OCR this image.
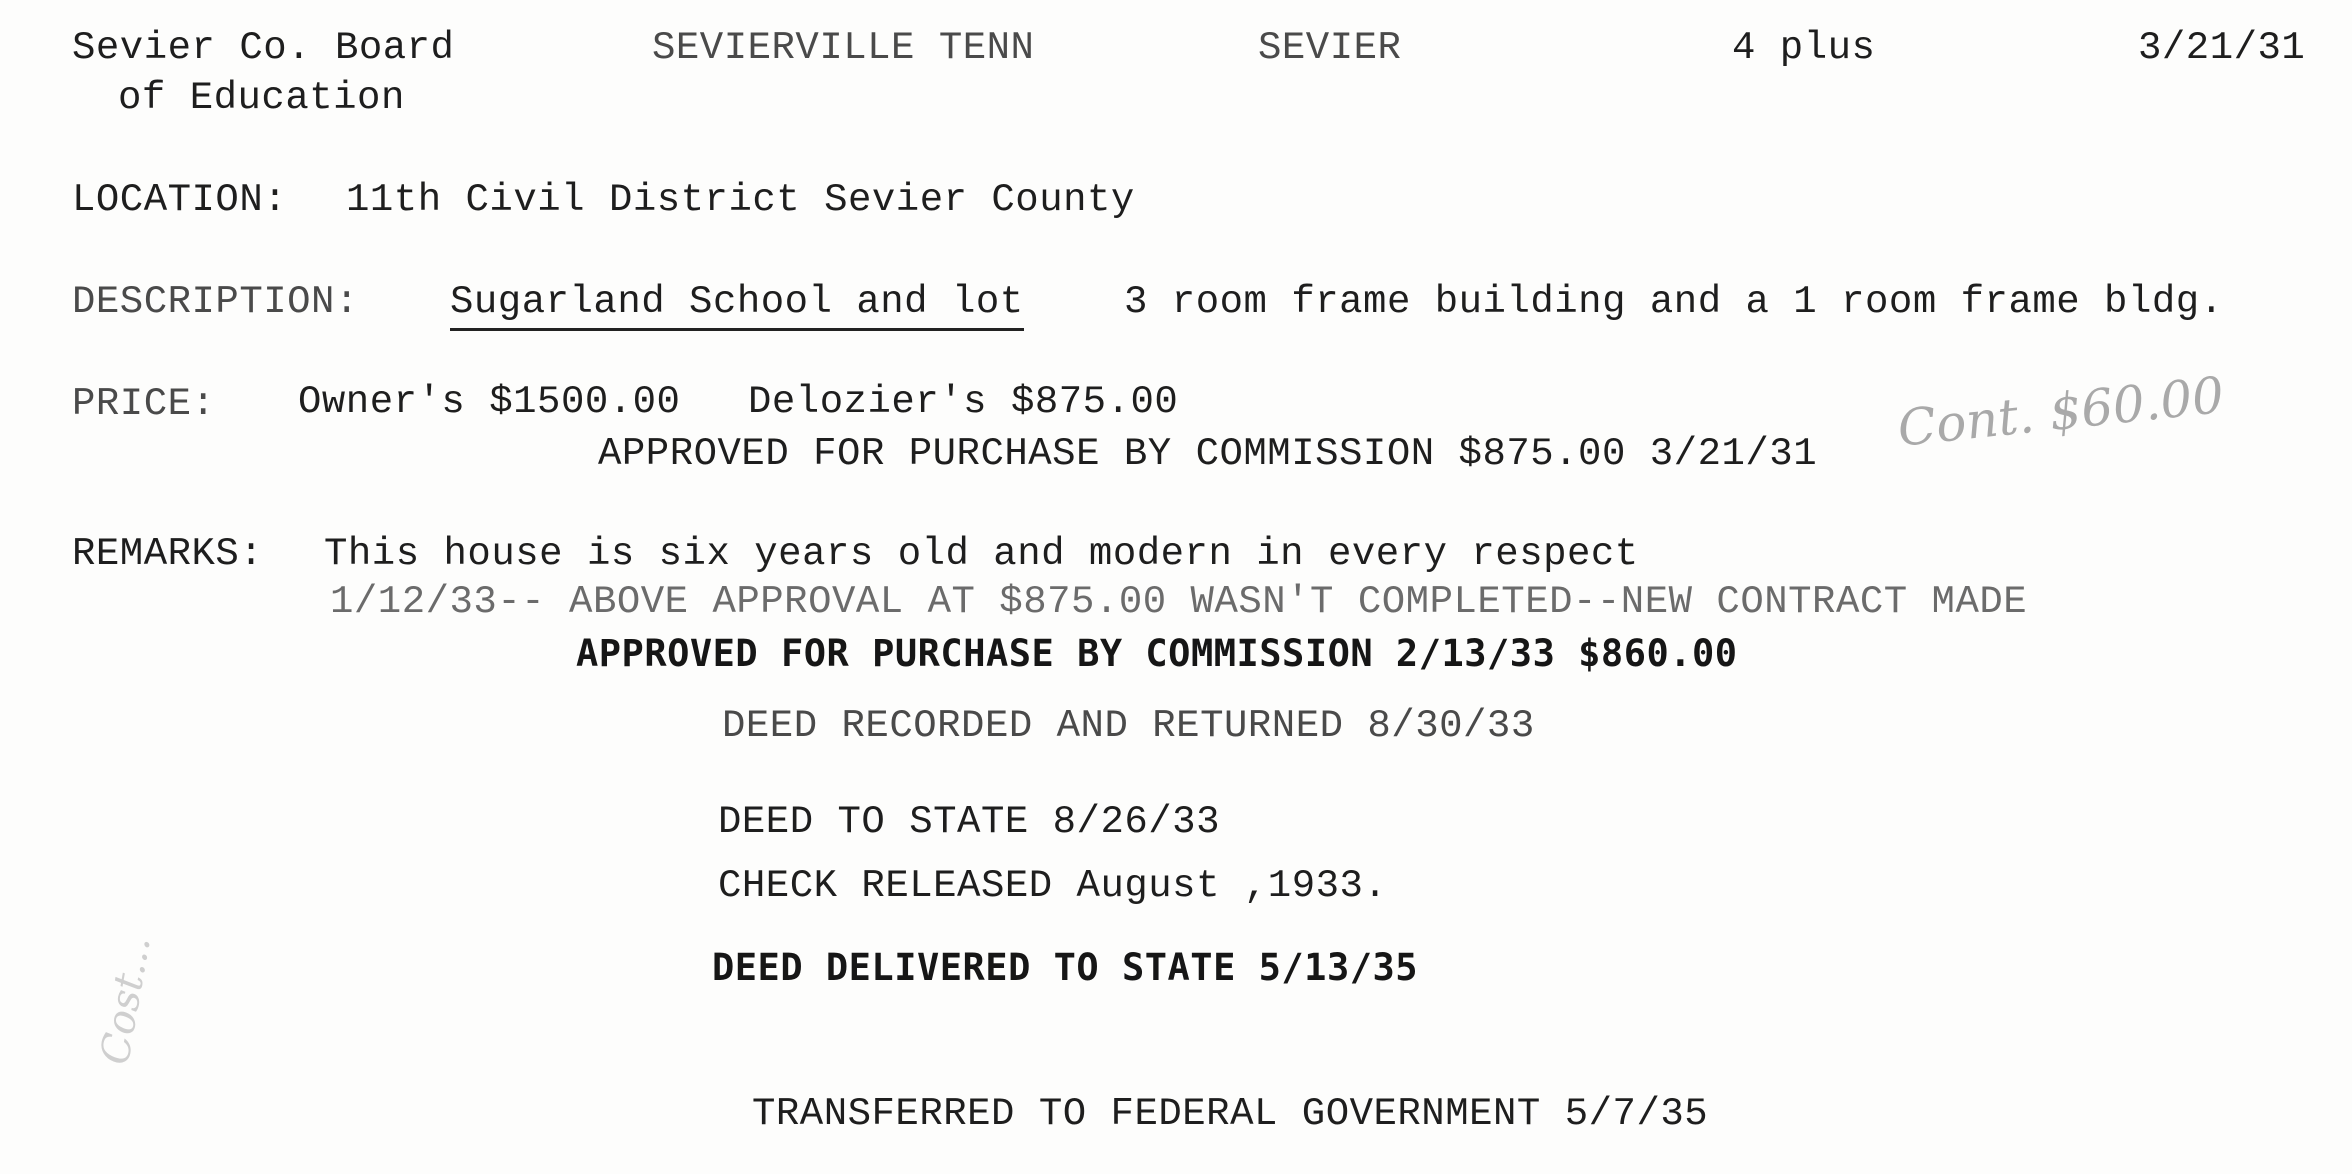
Sevier Co. Board
of Education
SEVIERVILLE TENN	SEVIER	4 plus	3/21/31
LOCATION: 11th Civil District Sevier County
DESCRIPTION: Sugarland School and lot	3 room frame building and a 1 room frame bldg.
PRICE: Owner's $1500.00 Delozier's $875.00
APPROVED FOR PURCHASE BY COMMISSION $875.00 3/21/31 Cont. $60.00
REMARKS: This house is six years old and modern in every respect
1/12/33-- ABOVE APPROVAL AT $875.00 WASN'T COMPLETED--NEW CONTRACT MADE
APPROVED FOR PURCHASE BY COMMISSION 2/13/33 $860.00
DEED RECORDED AND RETURNED 8/30/33
DEED TO STATE 8/26/33
CHECK RELEASED August ,1933.
DEED DELIVERED TO STATE 5/13/35
TRANSFERRED TO FEDERAL GOVERNMENT 5/7/35
Cost...
